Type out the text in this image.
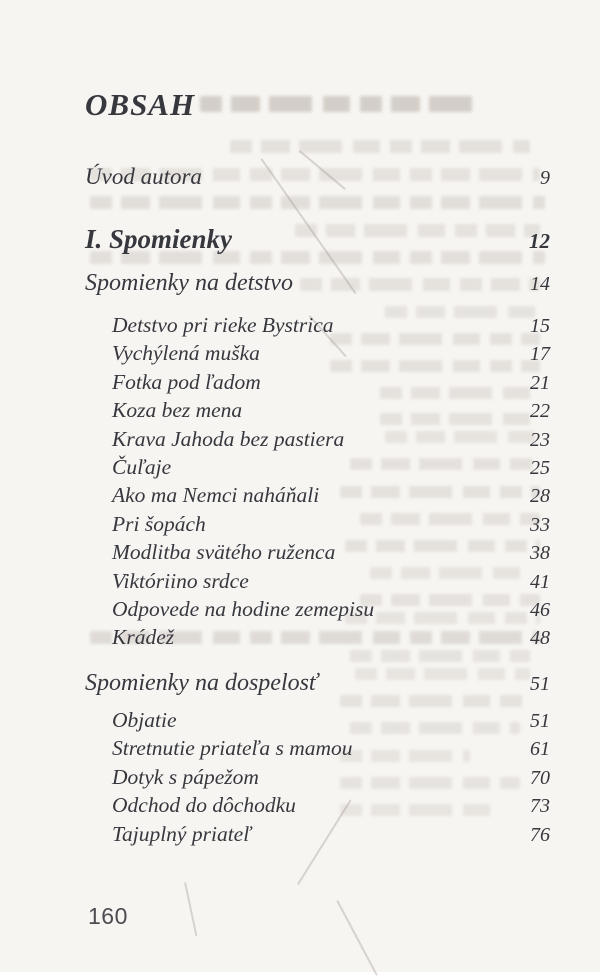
OBSAH
Úvod autora	9
I. Spomienky	12
Spomienky na detstvo	14
Detstvo pri rieke Bystrica	15
Vychýlená muška	17
Fotka pod ľadom	21
Koza bez mena	22
Krava Jahoda bez pastiera	23
Čuľaje	25
Ako ma Nemci naháňali	28
Pri šopách	33
Modlitba svätého ruženca	38
Viktóriino srdce	41
Odpovede na hodine zemepisu	46
Krádež	48
Spomienky na dospelosť	51
Objatie	51
Stretnutie priateľa s mamou	61
Dotyk s pápežom	70
Odchod do dôchodku	73
Tajuplný priateľ	76
160
